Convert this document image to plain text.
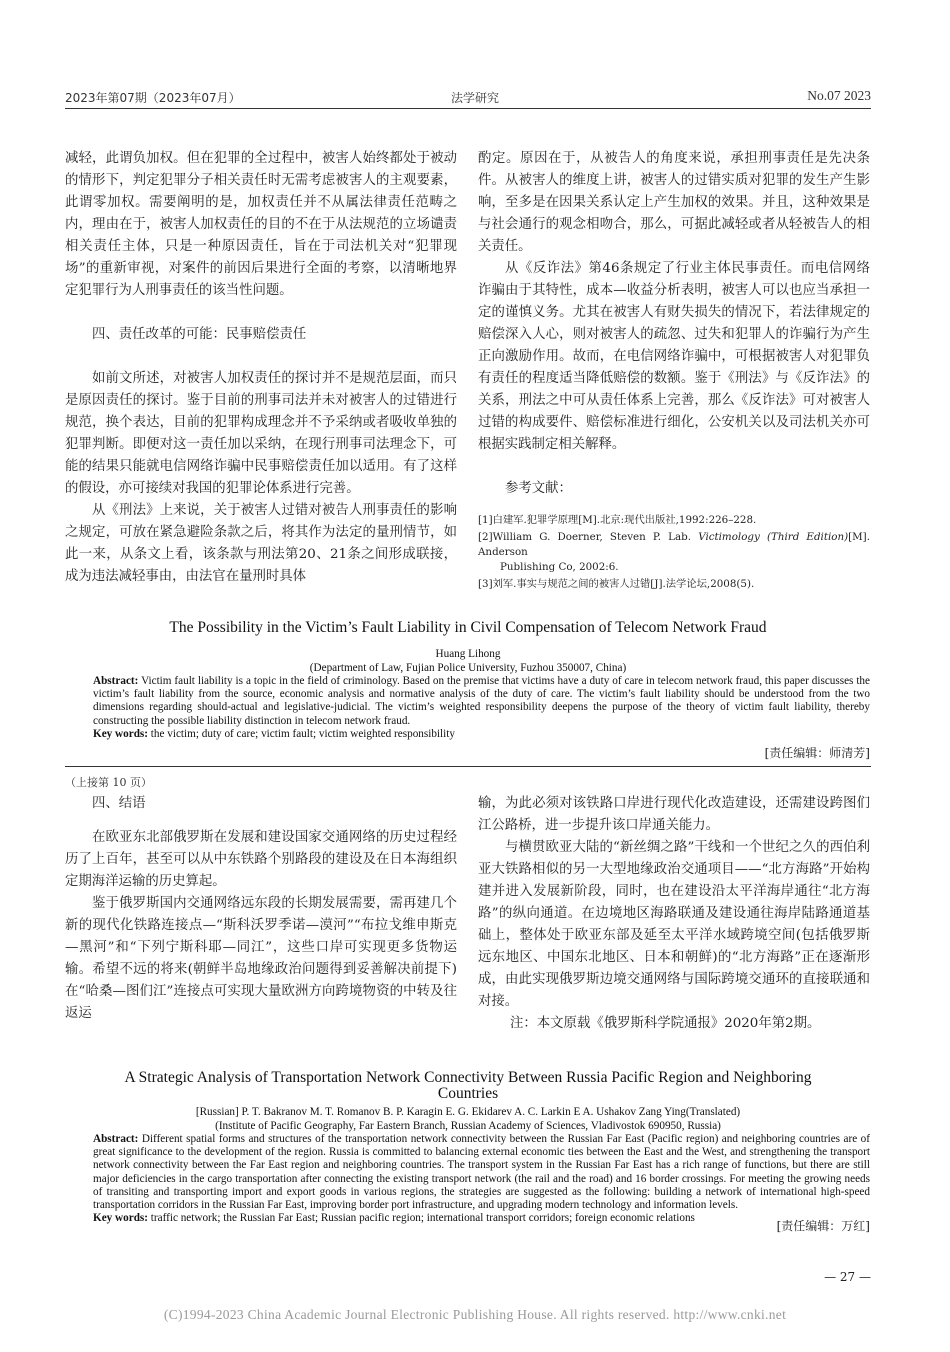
2023年第07期（2023年07月）	法学研究	No.07 2023

减轻，此谓负加权。但在犯罪的全过程中，被害人始终都处于被动的情形下，判定犯罪分子相关责任时无需考虑被害人的主观要素，此谓零加权。需要阐明的是，加权责任并不从属法律责任范畴之内，理由在于，被害人加权责任的目的不在于从法规范的立场谴责相关责任主体，只是一种原因责任，旨在于司法机关对“犯罪现场”的重新审视，对案件的前因后果进行全面的考察，以清晰地界定犯罪行为人刑事责任的该当性问题。

四、责任改革的可能：民事赔偿责任

如前文所述，对被害人加权责任的探讨并不是规范层面，而只是原因责任的探讨。鉴于目前的刑事司法并未对被害人的过错进行规范，换个表达，目前的犯罪构成理念并不予采纳或者吸收单独的犯罪判断。即便对这一责任加以采纳，在现行刑事司法理念下，可能的结果只能就电信网络诈骗中民事赔偿责任加以适用。有了这样的假设，亦可接续对我国的犯罪论体系进行完善。

从《刑法》上来说，关于被害人过错对被告人刑事责任的影响之规定，可放在紧急避险条款之后，将其作为法定的量刑情节，如此一来，从条文上看，该条款与刑法第20、21条之间形成联接，成为违法减轻事由，由法官在量刑时具体

酌定。原因在于，从被告人的角度来说，承担刑事责任是先决条件。从被害人的维度上讲，被害人的过错实质对犯罪的发生产生影响，至多是在因果关系认定上产生加权的效果。并且，这种效果是与社会通行的观念相吻合，那么，可据此减轻或者从轻被告人的相关责任。

从《反诈法》第46条规定了行业主体民事责任。而电信网络诈骗由于其特性，成本—收益分析表明，被害人可以也应当承担一定的谨慎义务。尤其在被害人有财失损失的情况下，若法律规定的赔偿深入人心，则对被害人的疏忽、过失和犯罪人的诈骗行为产生正向激励作用。故而，在电信网络诈骗中，可根据被害人对犯罪负有责任的程度适当降低赔偿的数额。鉴于《刑法》与《反诈法》的关系，刑法之中可从责任体系上完善，那么《反诈法》可对被害人过错的构成要件、赔偿标准进行细化，公安机关以及司法机关亦可根据实践制定相关解释。

参考文献：

[1]白建军.犯罪学原理[M].北京:现代出版社,1992:226–228.

[2]William G. Doerner, Steven P. Lab. Victimology (Third Edition)[M]. Anderson

Publishing Co, 2002:6.

[3]刘军.事实与规范之间的被害人过错[J].法学论坛,2008(5).

The Possibility in the Victim’s Fault Liability in Civil Compensation of Telecom Network Fraud
Huang Lihong
(Department of Law, Fujian Police University, Fuzhou 350007, China)

Abstract: Victim fault liability is a topic in the field of criminology. Based on the premise that victims have a duty of care in telecom network fraud, this paper discusses the victim’s fault liability from the source, economic analysis and normative analysis of the duty of care. The victim’s fault liability should be understood from the two dimensions regarding should-actual and legislative-judicial. The victim’s weighted responsibility deepens the purpose of the theory of victim fault liability, thereby constructing the possible liability distinction in telecom network fraud.

Key words: the victim; duty of care; victim fault; victim weighted responsibility

[责任编辑：师清芳]
（上接第 10 页）

四、结语

在欧亚东北部俄罗斯在发展和建设国家交通网络的历史过程经历了上百年，甚至可以从中东铁路个别路段的建设及在日本海组织定期海洋运输的历史算起。

鉴于俄罗斯国内交通网络远东段的长期发展需要，需再建几个新的现代化铁路连接点—“斯科沃罗季诺—漠河”“布拉戈维申斯克—黑河”和“下列宁斯科耶—同江”，这些口岸可实现更多货物运输。希望不远的将来(朝鲜半岛地缘政治问题得到妥善解决前提下)在“哈桑—图们江”连接点可实现大量欧洲方向跨境物资的中转及往返运

输，为此必须对该铁路口岸进行现代化改造建设，还需建设跨图们江公路桥，进一步提升该口岸通关能力。

与横贯欧亚大陆的“新丝绸之路”干线和一个世纪之久的西伯利亚大铁路相似的另一大型地缘政治交通项目——“北方海路”开始构建并进入发展新阶段，同时，也在建设沿太平洋海岸通往“北方海路”的纵向通道。在边境地区海路联通及建设通往海岸陆路通道基础上，整体处于欧亚东部及延至太平洋水域跨境空间(包括俄罗斯远东地区、中国东北地区、日本和朝鲜)的“北方海路”正在逐渐形成，由此实现俄罗斯边境交通网络与国际跨境交通环的直接联通和对接。

注：本文原载《俄罗斯科学院通报》2020年第2期。

A Strategic Analysis of Transportation Network Connectivity Between Russia Pacific Region and Neighboring
Countries
[Russian] P. T. Bakranov M. T. Romanov B. P. Karagin E. G. Ekidarev A. C. Larkin E A. Ushakov Zang Ying(Translated)
(Institute of Pacific Geography, Far Eastern Branch, Russian Academy of Sciences, Vladivostok 690950, Russia)

Abstract: Different spatial forms and structures of the transportation network connectivity between the Russian Far East (Pacific region) and neighboring countries are of great significance to the development of the region. Russia is committed to balancing external economic ties between the East and the West, and strengthening the transport network connectivity between the Far East region and neighboring countries. The transport system in the Russian Far East has a rich range of functions, but there are still major deficiencies in the cargo transportation after connecting the existing transport network (the rail and the road) and 16 border crossings. For meeting the growing needs of transiting and transporting import and export goods in various regions, the strategies are suggested as the following: building a network of international high-speed transportation corridors in the Russian Far East, improving border port infrastructure, and upgrading modern technology and information levels.

Key words: traffic network; the Russian Far East; Russian pacific region; international transport corridors; foreign economic relations

[责任编辑：万红]
— 27 —
(C)1994-2023 China Academic Journal Electronic Publishing House. All rights reserved. http://www.cnki.net
